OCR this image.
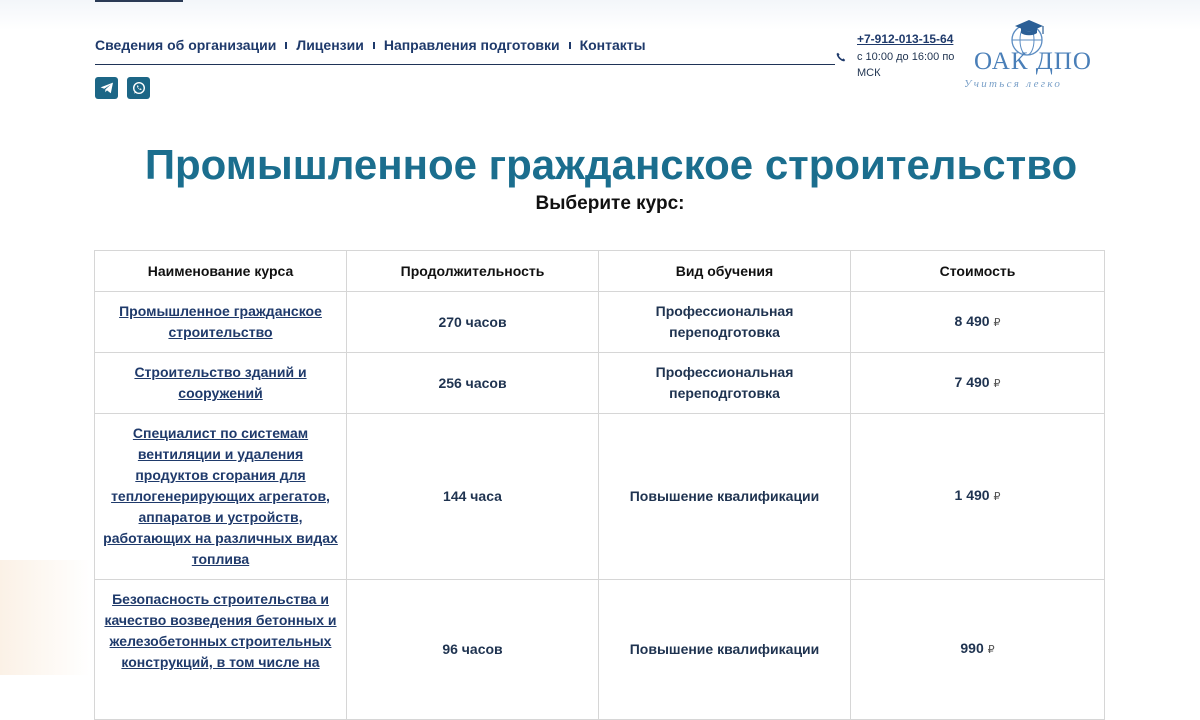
Сведения об организации Лицензии Направления подготовки Контакты	+7-912-013-15-64
с 10:00 до 16:00 по МСК	ОАК ДПО
Учиться легко
Промышленное гражданское строительство
Выберите курс:
Наименование курса	Продолжительность	Вид обучения	Стоимость
Промышленное гражданское строительство	270 часов	Профессиональная переподготовка	8 490 ₽
Строительство зданий и сооружений	256 часов	Профессиональная переподготовка	7 490 ₽
Специалист по системам вентиляции и удаления продуктов сгорания для теплогенерирующих агрегатов, аппаратов и устройств, работающих на различных видах топлива	144 часа	Повышение квалификации	1 490 ₽
Безопасность строительства и качество возведения бетонных и железобетонных строительных конструкций, в том числе на	96 часов	Повышение квалификации	990 ₽
